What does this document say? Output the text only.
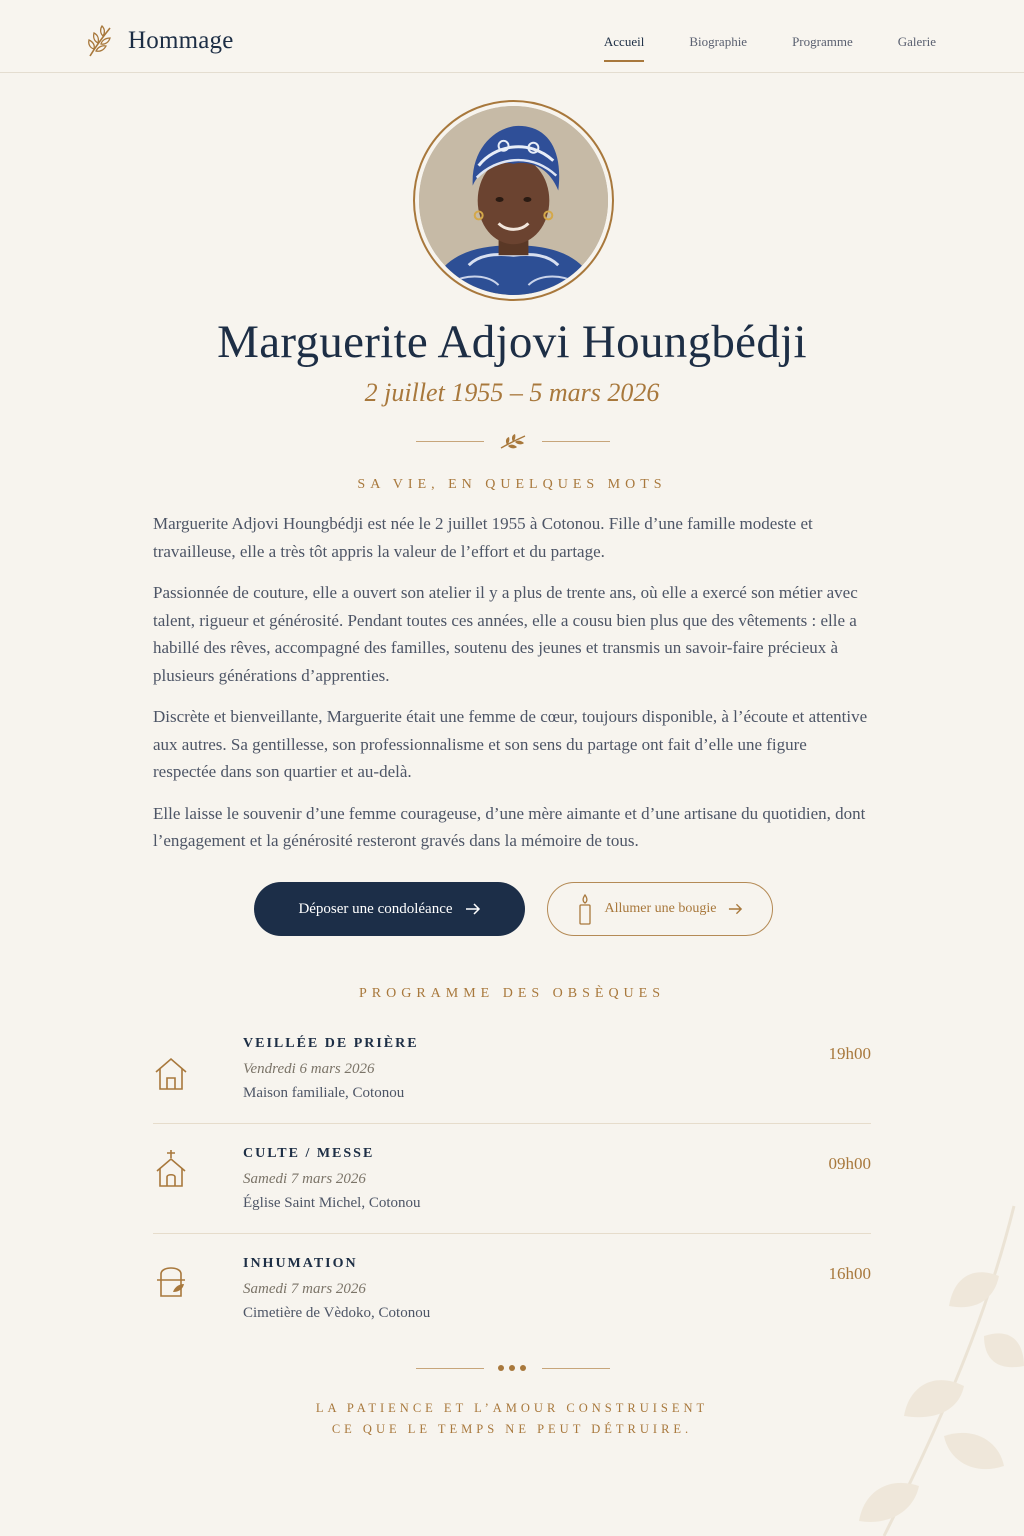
Hommage	Accueil	Biographie	Programme	Galerie
Marguerite Adjovi Houngbédji
2 juillet 1955 – 5 mars 2026
SA VIE, EN QUELQUES MOTS

Marguerite Adjovi Houngbédji est née le 2 juillet 1955 à Cotonou. Fille d’une famille modeste et travailleuse, elle a très tôt appris la valeur de l’effort et du partage.

Passionnée de couture, elle a ouvert son atelier il y a plus de trente ans, où elle a exercé son métier avec talent, rigueur et générosité. Pendant toutes ces années, elle a cousu bien plus que des vêtements : elle a habillé des rêves, accompagné des familles, soutenu des jeunes et transmis un savoir-faire précieux à plusieurs générations d’apprenties.

Discrète et bienveillante, Marguerite était une femme de cœur, toujours disponible, à l’écoute et attentive aux autres. Sa gentillesse, son professionnalisme et son sens du partage ont fait d’elle une figure respectée dans son quartier et au-delà.

Elle laisse le souvenir d’une femme courageuse, d’une mère aimante et d’une artisane du quotidien, dont l’engagement et la générosité resteront gravés dans la mémoire de tous.

Déposer une condoléance	Allumer une bougie
PROGRAMME DES OBSÈQUES
VEILLÉE DE PRIÈRE
Vendredi 6 mars 2026
Maison familiale, Cotonou
19h00
CULTE / MESSE
Samedi 7 mars 2026
Église Saint Michel, Cotonou
09h00
INHUMATION
Samedi 7 mars 2026
Cimetière de Vèdoko, Cotonou
16h00
LA PATIENCE ET L’AMOUR CONSTRUISENT
CE QUE LE TEMPS NE PEUT DÉTRUIRE.
